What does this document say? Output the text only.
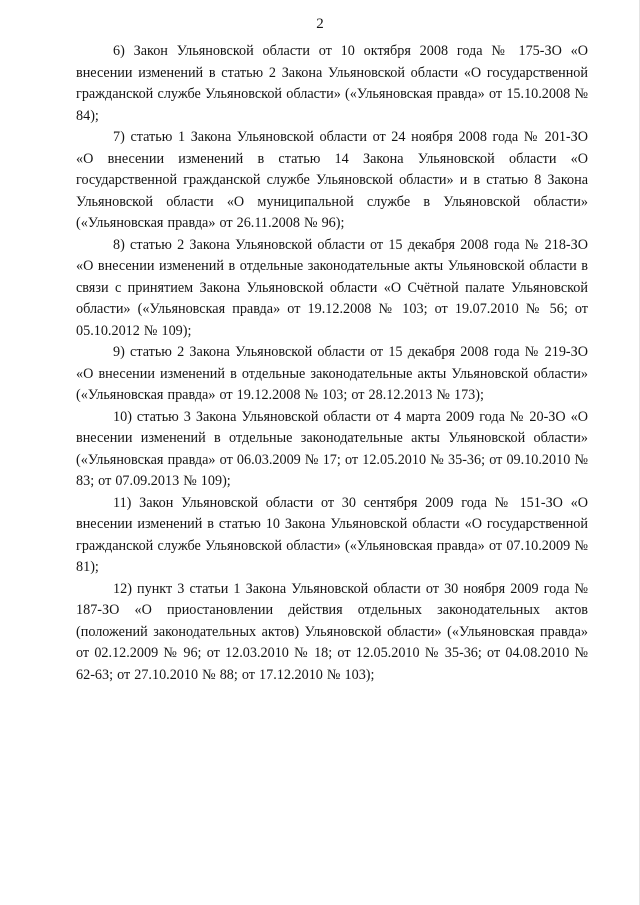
2

6) Закон Ульяновской области от 10 октября 2008 года № 175-ЗО «О внесении изменений в статью 2 Закона Ульяновской области «О государственной гражданской службе Ульяновской области» («Ульяновская правда» от 15.10.2008 № 84);

7) статью 1 Закона Ульяновской области от 24 ноября 2008 года № 201-ЗО «О внесении изменений в статью 14 Закона Ульяновской области «О государственной гражданской службе Ульяновской области» и в статью 8 Закона Ульяновской области «О муниципальной службе в Ульяновской области» («Ульяновская правда» от 26.11.2008 № 96);

8) статью 2 Закона Ульяновской области от 15 декабря 2008 года № 218-ЗО «О внесении изменений в отдельные законодательные акты Ульяновской области в связи с принятием Закона Ульяновской области «О Счётной палате Ульяновской области» («Ульяновская правда» от 19.12.2008 № 103; от 19.07.2010 № 56; от 05.10.2012 № 109);

9) статью 2 Закона Ульяновской области от 15 декабря 2008 года № 219-ЗО «О внесении изменений в отдельные законодательные акты Ульяновской области» («Ульяновская правда» от 19.12.2008 № 103; от 28.12.2013 № 173);

10) статью 3 Закона Ульяновской области от 4 марта 2009 года № 20-ЗО «О внесении изменений в отдельные законодательные акты Ульяновской области» («Ульяновская правда» от 06.03.2009 № 17; от 12.05.2010 № 35-36; от 09.10.2010 № 83; от 07.09.2013 № 109);

11) Закон Ульяновской области от 30 сентября 2009 года № 151-ЗО «О внесении изменений в статью 10 Закона Ульяновской области «О государственной гражданской службе Ульяновской области» («Ульяновская правда» от 07.10.2009 № 81);

12) пункт 3 статьи 1 Закона Ульяновской области от 30 ноября 2009 года № 187-ЗО «О приостановлении действия отдельных законодательных актов (положений законодательных актов) Ульяновской области» («Ульяновская правда» от 02.12.2009 № 96; от 12.03.2010 № 18; от 12.05.2010 № 35-36; от 04.08.2010 № 62-63; от 27.10.2010 № 88; от 17.12.2010 № 103);
